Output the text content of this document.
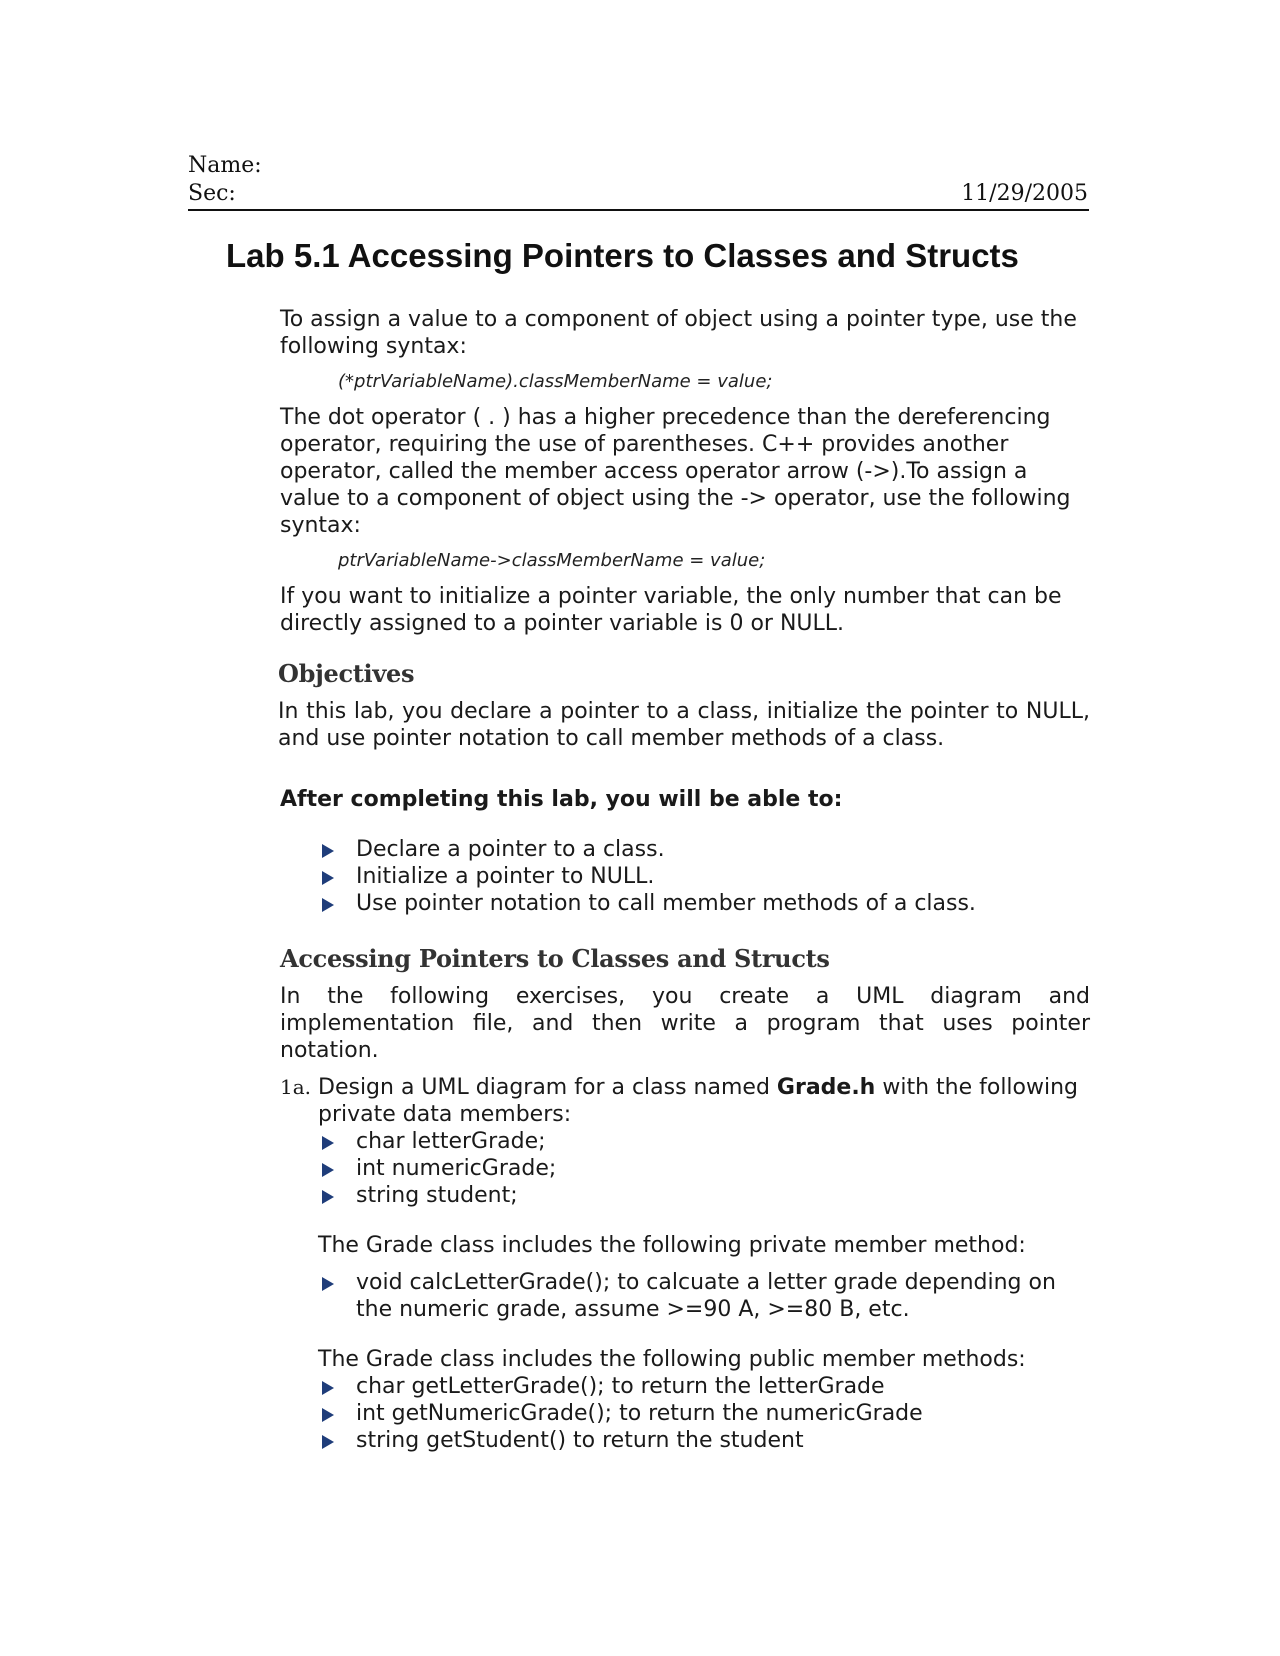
Name:
Sec:	11/29/2005
Lab 5.1 Accessing Pointers to Classes and Structs

To assign a value to a component of object using a pointer type, use the following syntax:

(*ptrVariableName).classMemberName = value;

The dot operator ( . ) has a higher precedence than the dereferencing operator, requiring the use of parentheses. C++ provides another operator, called the member access operator arrow (->).To assign a value to a component of object using the -> operator, use the following syntax:

ptrVariableName->classMemberName = value;

If you want to initialize a pointer variable, the only number that can be directly assigned to a pointer variable is 0 or NULL.

Objectives

In this lab, you declare a pointer to a class, initialize the pointer to NULL, and use pointer notation to call member methods of a class.

After completing this lab, you will be able to:

Declare a pointer to a class.
Initialize a pointer to NULL.
Use pointer notation to call member methods of a class.
Accessing Pointers to Classes and Structs

In the following exercises, you create a UML diagram and implementation file, and then write a program that uses pointer notation.

1a. Design a UML diagram for a class named Grade.h with the following private data members:

char letterGrade;
int numericGrade;
string student;

The Grade class includes the following private member method:

void calcLetterGrade(); to calcuate a letter grade depending on the numeric grade, assume >=90 A, >=80 B, etc.

The Grade class includes the following public member methods:

char getLetterGrade(); to return the letterGrade
int getNumericGrade(); to return the numericGrade
string getStudent() to return the student
